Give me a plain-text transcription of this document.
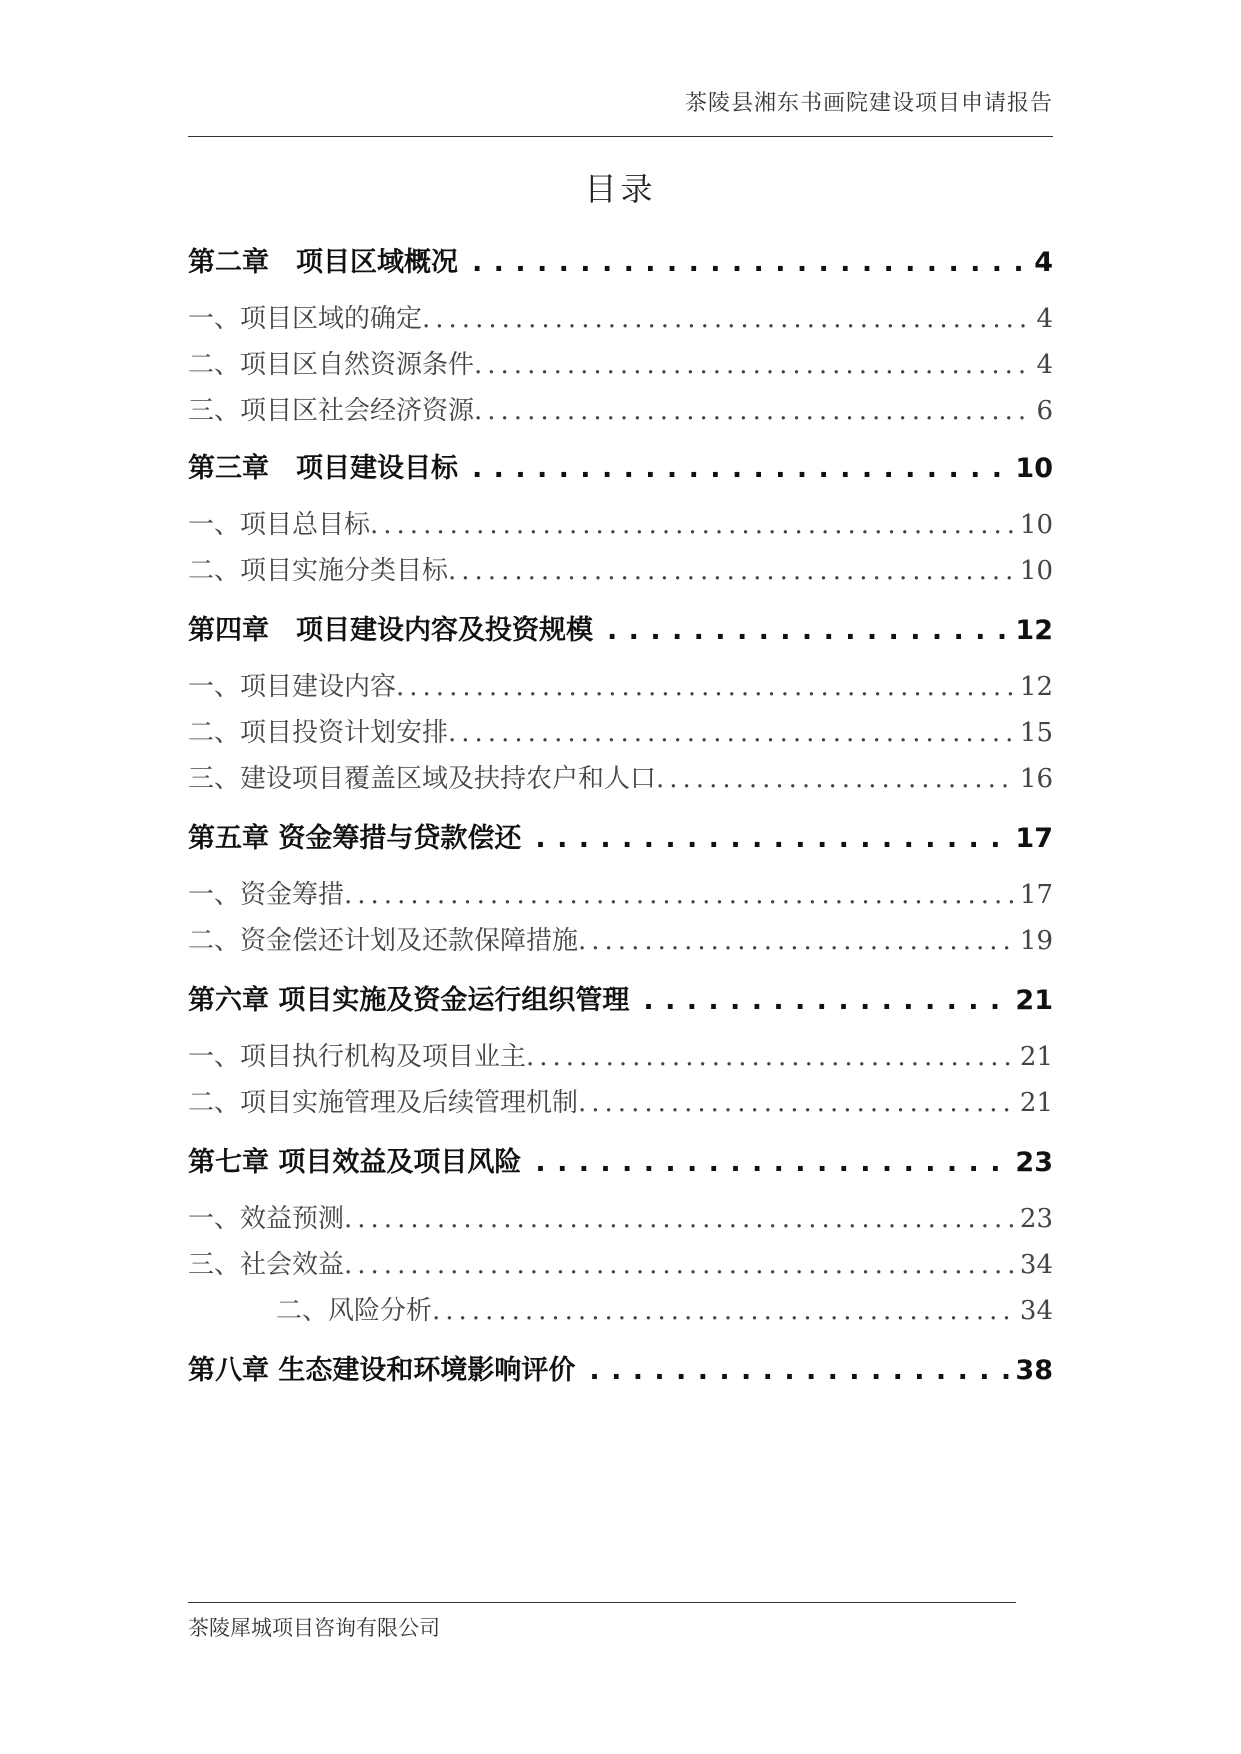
茶陵县湘东书画院建设项目申请报告
目录
第二章　项目区域概况 . . .	4
一、项目区域的确定 .....	4
二、项目区自然资源条件 .....	4
三、项目区社会经济资源 .....	6
第三章　项目建设目标 . . .	10
一、项目总目标 .....	10
二、项目实施分类目标 .....	10
第四章　项目建设内容及投资规模 . . .	12
一、项目建设内容 .....	12
二、项目投资计划安排 .....	15
三、建设项目覆盖区域及扶持农户和人口 .....	16
第五章 资金筹措与贷款偿还 . . .	17
一、资金筹措 .....	17
二、资金偿还计划及还款保障措施 .....	19
第六章 项目实施及资金运行组织管理 . . .	21
一、项目执行机构及项目业主 .....	21
二、项目实施管理及后续管理机制 .....	21
第七章 项目效益及项目风险 . . .	23
一、效益预测 .....	23
三、社会效益 .....	34
二、风险分析 .....	34
第八章 生态建设和环境影响评价 . . .	38
茶陵犀城项目咨询有限公司
